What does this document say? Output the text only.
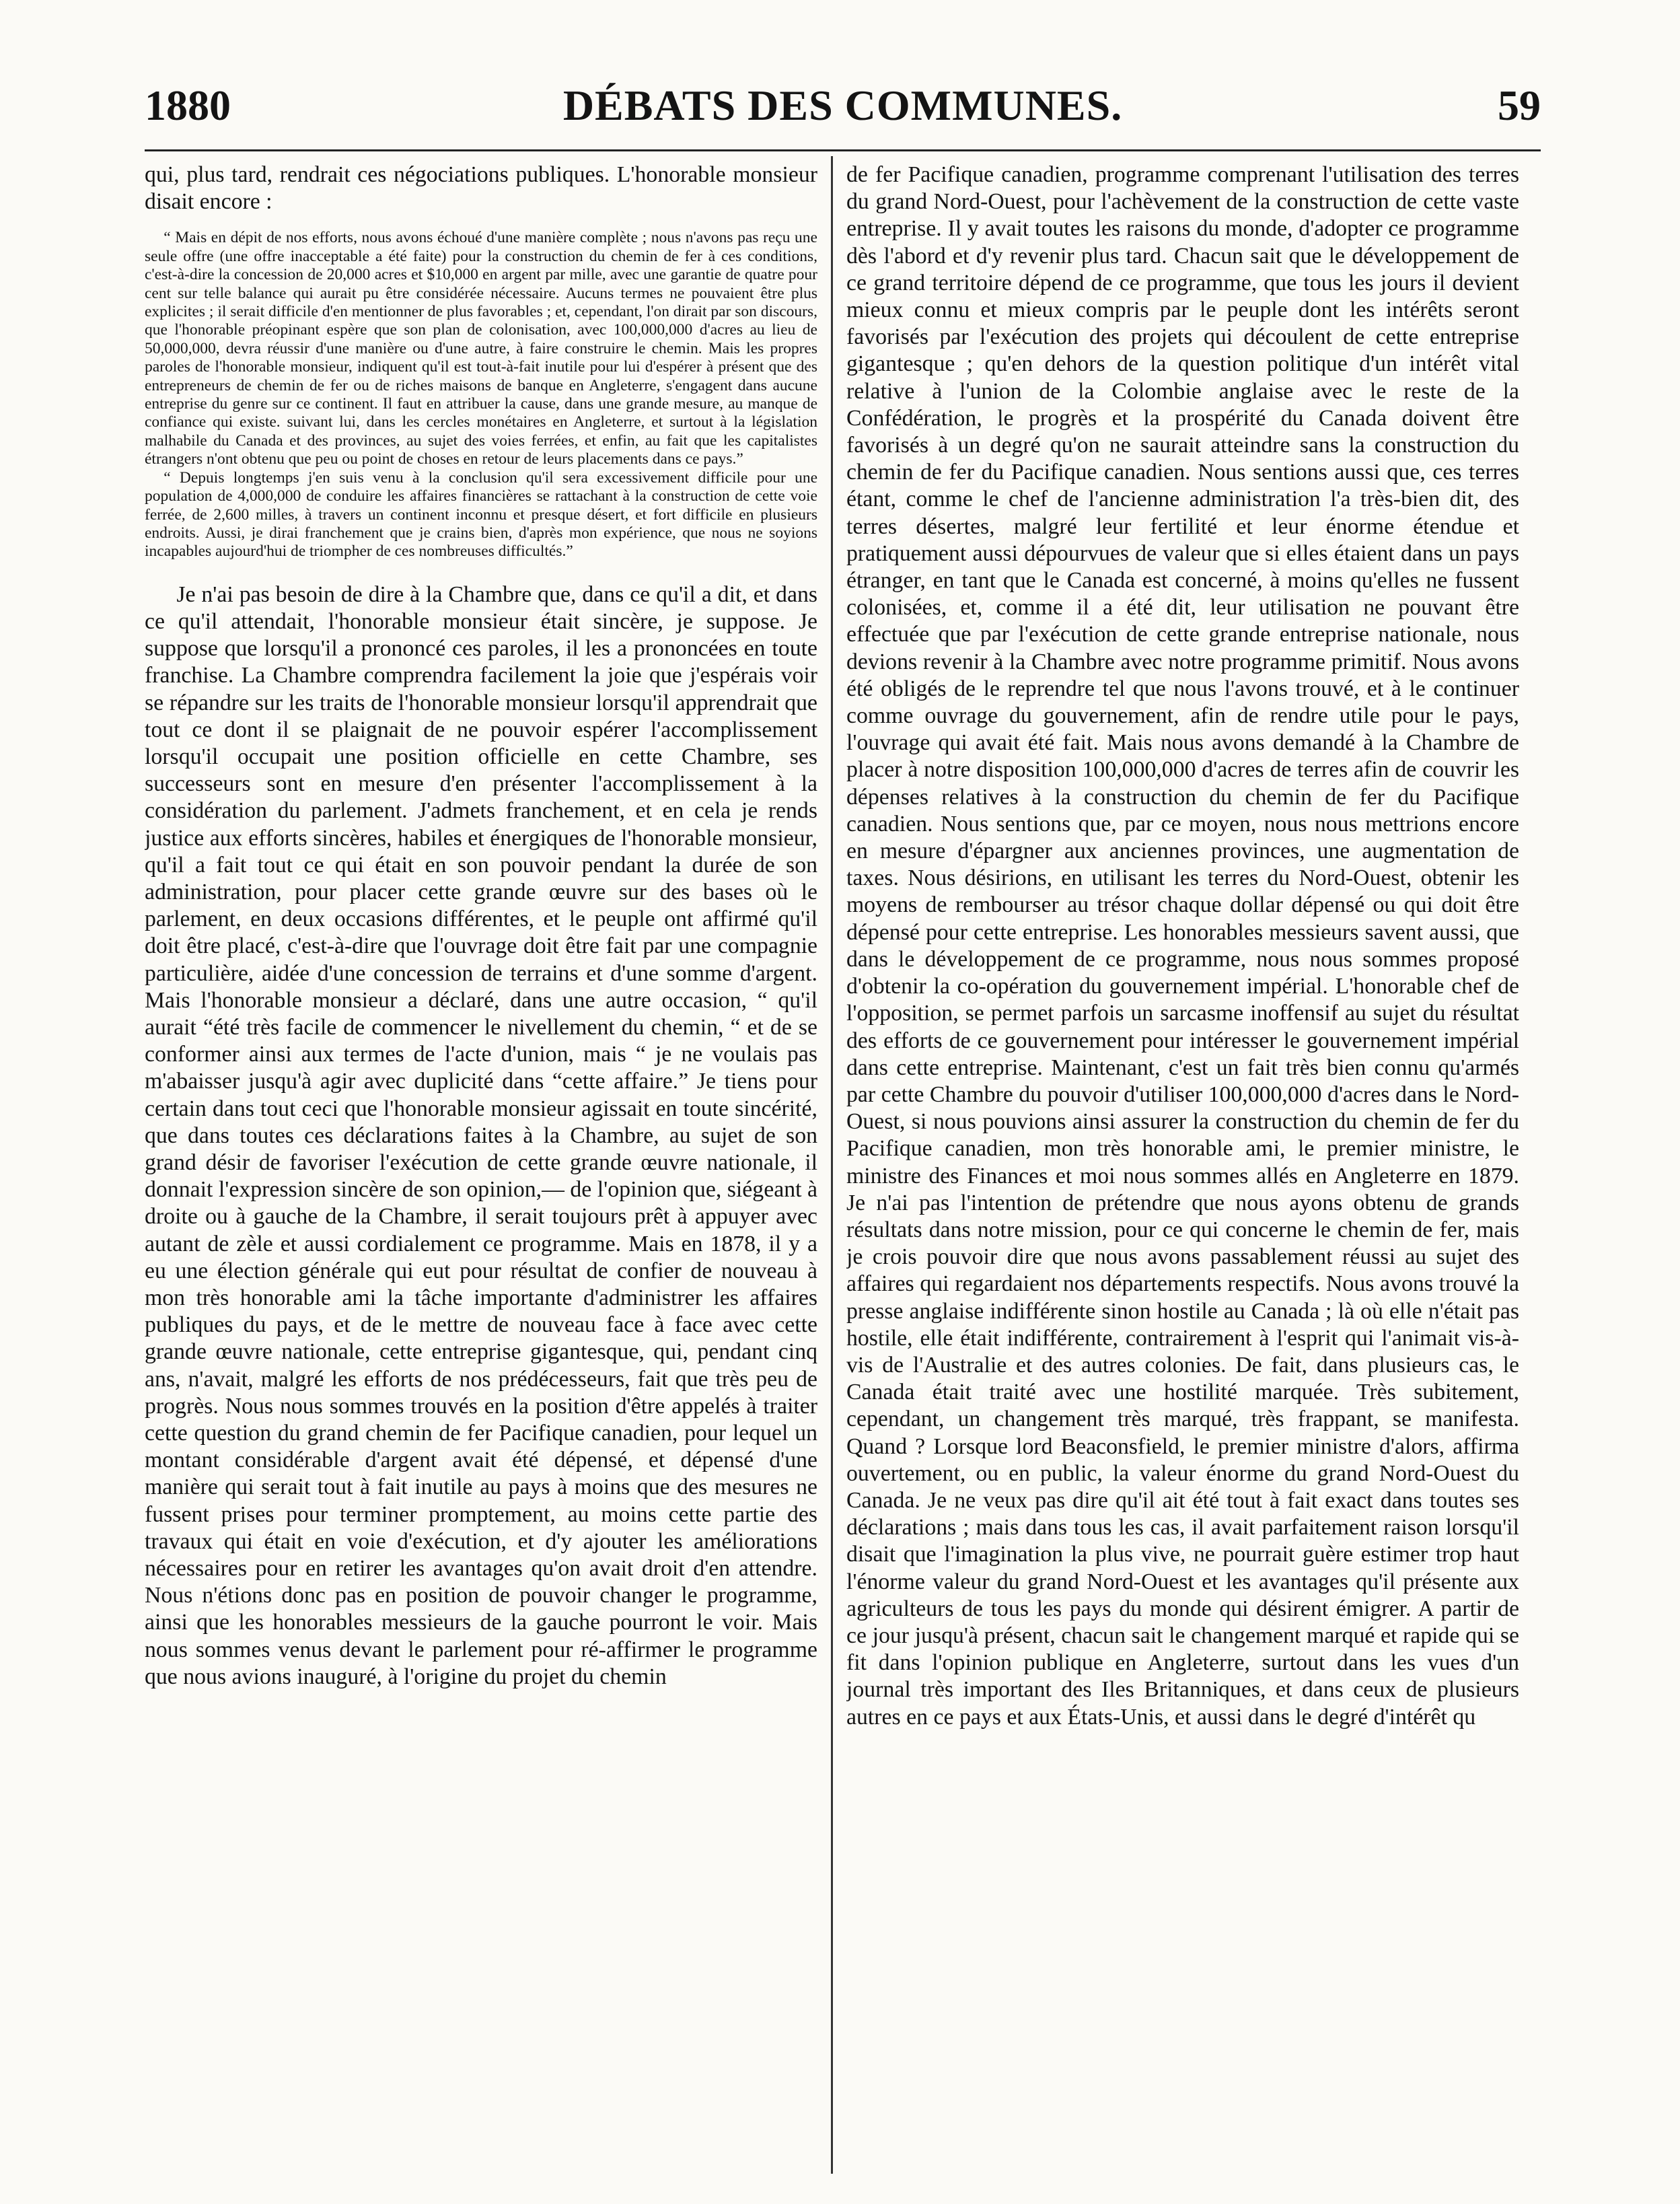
DÉBATS DES COMMUNES.
1880	59

qui, plus tard, rendrait ces négociations publiques. L'honorable monsieur disait encore :

“ Mais en dépit de nos efforts, nous avons échoué d'une manière complète ; nous n'avons pas reçu une seule offre (une offre inacceptable a été faite) pour la construction du chemin de fer à ces conditions, c'est-à-dire la concession de 20,000 acres et $10,000 en argent par mille, avec une garantie de quatre pour cent sur telle balance qui aurait pu être considérée nécessaire. Aucuns termes ne pouvaient être plus explicites ; il serait difficile d'en mentionner de plus favorables ; et, cependant, l'on dirait par son discours, que l'honorable préopinant espère que son plan de colonisation, avec 100,000,000 d'acres au lieu de 50,000,000, devra réussir d'une manière ou d'une autre, à faire construire le chemin. Mais les propres paroles de l'honorable monsieur, indiquent qu'il est tout-à-fait inutile pour lui d'espérer à présent que des entrepreneurs de chemin de fer ou de riches maisons de banque en Angleterre, s'engagent dans aucune entreprise du genre sur ce continent. Il faut en attribuer la cause, dans une grande mesure, au manque de confiance qui existe. suivant lui, dans les cercles monétaires en Angleterre, et surtout à la législation malhabile du Canada et des provinces, au sujet des voies ferrées, et enfin, au fait que les capitalistes étrangers n'ont obtenu que peu ou point de choses en retour de leurs placements dans ce pays.”

“ Depuis longtemps j'en suis venu à la conclusion qu'il sera excessivement difficile pour une population de 4,000,000 de conduire les affaires financières se rattachant à la construction de cette voie ferrée, de 2,600 milles, à travers un continent inconnu et presque désert, et fort difficile en plusieurs endroits. Aussi, je dirai franchement que je crains bien, d'après mon expérience, que nous ne soyions incapables aujourd'hui de triompher de ces nombreuses difficultés.”

Je n'ai pas besoin de dire à la Chambre que, dans ce qu'il a dit, et dans ce qu'il attendait, l'honorable monsieur était sincère, je suppose. Je suppose que lorsqu'il a prononcé ces paroles, il les a prononcées en toute franchise. La Chambre comprendra facilement la joie que j'espérais voir se répandre sur les traits de l'honorable monsieur lorsqu'il apprendrait que tout ce dont il se plaignait de ne pouvoir espérer l'accomplissement lorsqu'il occupait une position officielle en cette Chambre, ses successeurs sont en mesure d'en présenter l'accomplissement à la considération du parlement. J'admets franchement, et en cela je rends justice aux efforts sincères, habiles et énergiques de l'honorable monsieur, qu'il a fait tout ce qui était en son pouvoir pendant la durée de son administration, pour placer cette grande œuvre sur des bases où le parlement, en deux occasions différentes, et le peuple ont affirmé qu'il doit être placé, c'est-à-dire que l'ouvrage doit être fait par une compagnie particulière, aidée d'une concession de terrains et d'une somme d'argent. Mais l'honorable monsieur a déclaré, dans une autre occasion, “ qu'il aurait “été très facile de commencer le nivellement du chemin, “ et de se conformer ainsi aux termes de l'acte d'union, mais “ je ne voulais pas m'abaisser jusqu'à agir avec duplicité dans “cette affaire.” Je tiens pour certain dans tout ceci que l'honorable monsieur agissait en toute sincérité, que dans toutes ces déclarations faites à la Chambre, au sujet de son grand désir de favoriser l'exécution de cette grande œuvre nationale, il donnait l'expression sincère de son opinion,— de l'opinion que, siégeant à droite ou à gauche de la Chambre, il serait toujours prêt à appuyer avec autant de zèle et aussi cordialement ce programme. Mais en 1878, il y a eu une élection générale qui eut pour résultat de confier de nouveau à mon très honorable ami la tâche importante d'administrer les affaires publiques du pays, et de le mettre de nouveau face à face avec cette grande œuvre nationale, cette entreprise gigantesque, qui, pendant cinq ans, n'avait, malgré les efforts de nos prédécesseurs, fait que très peu de progrès. Nous nous sommes trouvés en la position d'être appelés à traiter cette question du grand chemin de fer Pacifique canadien, pour lequel un montant considérable d'argent avait été dépensé, et dépensé d'une manière qui serait tout à fait inutile au pays à moins que des mesures ne fussent prises pour terminer promptement, au moins cette partie des travaux qui était en voie d'exécution, et d'y ajouter les améliorations nécessaires pour en retirer les avantages qu'on avait droit d'en attendre. Nous n'étions donc pas en position de pouvoir changer le programme, ainsi que les honorables messieurs de la gauche pourront le voir. Mais nous sommes venus devant le parlement pour ré-affirmer le programme que nous avions inauguré, à l'origine du projet du chemin

de fer Pacifique canadien, programme comprenant l'utilisation des terres du grand Nord-Ouest, pour l'achèvement de la construction de cette vaste entreprise. Il y avait toutes les raisons du monde, d'adopter ce programme dès l'abord et d'y revenir plus tard. Chacun sait que le développement de ce grand territoire dépend de ce programme, que tous les jours il devient mieux connu et mieux compris par le peuple dont les intérêts seront favorisés par l'exécution des projets qui découlent de cette entreprise gigantesque ; qu'en dehors de la question politique d'un intérêt vital relative à l'union de la Colombie anglaise avec le reste de la Confédération, le progrès et la prospérité du Canada doivent être favorisés à un degré qu'on ne saurait atteindre sans la construction du chemin de fer du Pacifique canadien. Nous sentions aussi que, ces terres étant, comme le chef de l'ancienne administration l'a très-bien dit, des terres désertes, malgré leur fertilité et leur énorme étendue et pratiquement aussi dépourvues de valeur que si elles étaient dans un pays étranger, en tant que le Canada est concerné, à moins qu'elles ne fussent colonisées, et, comme il a été dit, leur utilisation ne pouvant être effectuée que par l'exécution de cette grande entreprise nationale, nous devions revenir à la Chambre avec notre programme primitif. Nous avons été obligés de le reprendre tel que nous l'avons trouvé, et à le continuer comme ouvrage du gouvernement, afin de rendre utile pour le pays, l'ouvrage qui avait été fait. Mais nous avons demandé à la Chambre de placer à notre disposition 100,000,000 d'acres de terres afin de couvrir les dépenses relatives à la construction du chemin de fer du Pacifique canadien. Nous sentions que, par ce moyen, nous nous mettrions encore en mesure d'épargner aux anciennes provinces, une augmentation de taxes. Nous désirions, en utilisant les terres du Nord-Ouest, obtenir les moyens de rembourser au trésor chaque dollar dépensé ou qui doit être dépensé pour cette entreprise. Les honorables messieurs savent aussi, que dans le développement de ce programme, nous nous sommes proposé d'obtenir la co-opération du gouvernement impérial. L'honorable chef de l'opposition, se permet parfois un sarcasme inoffensif au sujet du résultat des efforts de ce gouvernement pour intéresser le gouvernement impérial dans cette entreprise. Maintenant, c'est un fait très bien connu qu'armés par cette Chambre du pouvoir d'utiliser 100,000,000 d'acres dans le Nord-Ouest, si nous pouvions ainsi assurer la construction du chemin de fer du Pacifique canadien, mon très honorable ami, le premier ministre, le ministre des Finances et moi nous sommes allés en Angleterre en 1879. Je n'ai pas l'intention de prétendre que nous ayons obtenu de grands résultats dans notre mission, pour ce qui concerne le chemin de fer, mais je crois pouvoir dire que nous avons passablement réussi au sujet des affaires qui regardaient nos départements respectifs. Nous avons trouvé la presse anglaise indifférente sinon hostile au Canada ; là où elle n'était pas hostile, elle était indifférente, contrairement à l'esprit qui l'animait vis-à-vis de l'Australie et des autres colonies. De fait, dans plusieurs cas, le Canada était traité avec une hostilité marquée. Très subitement, cependant, un changement très marqué, très frappant, se manifesta. Quand ? Lorsque lord Beaconsfield, le premier ministre d'alors, affirma ouvertement, ou en public, la valeur énorme du grand Nord-Ouest du Canada. Je ne veux pas dire qu'il ait été tout à fait exact dans toutes ses déclarations ; mais dans tous les cas, il avait parfaitement raison lorsqu'il disait que l'imagination la plus vive, ne pourrait guère estimer trop haut l'énorme valeur du grand Nord-Ouest et les avantages qu'il présente aux agriculteurs de tous les pays du monde qui désirent émigrer. A partir de ce jour jusqu'à présent, chacun sait le changement marqué et rapide qui se fit dans l'opinion publique en Angleterre, surtout dans les vues d'un journal très important des Iles Britanniques, et dans ceux de plusieurs autres en ce pays et aux États-Unis, et aussi dans le degré d'intérêt qu
